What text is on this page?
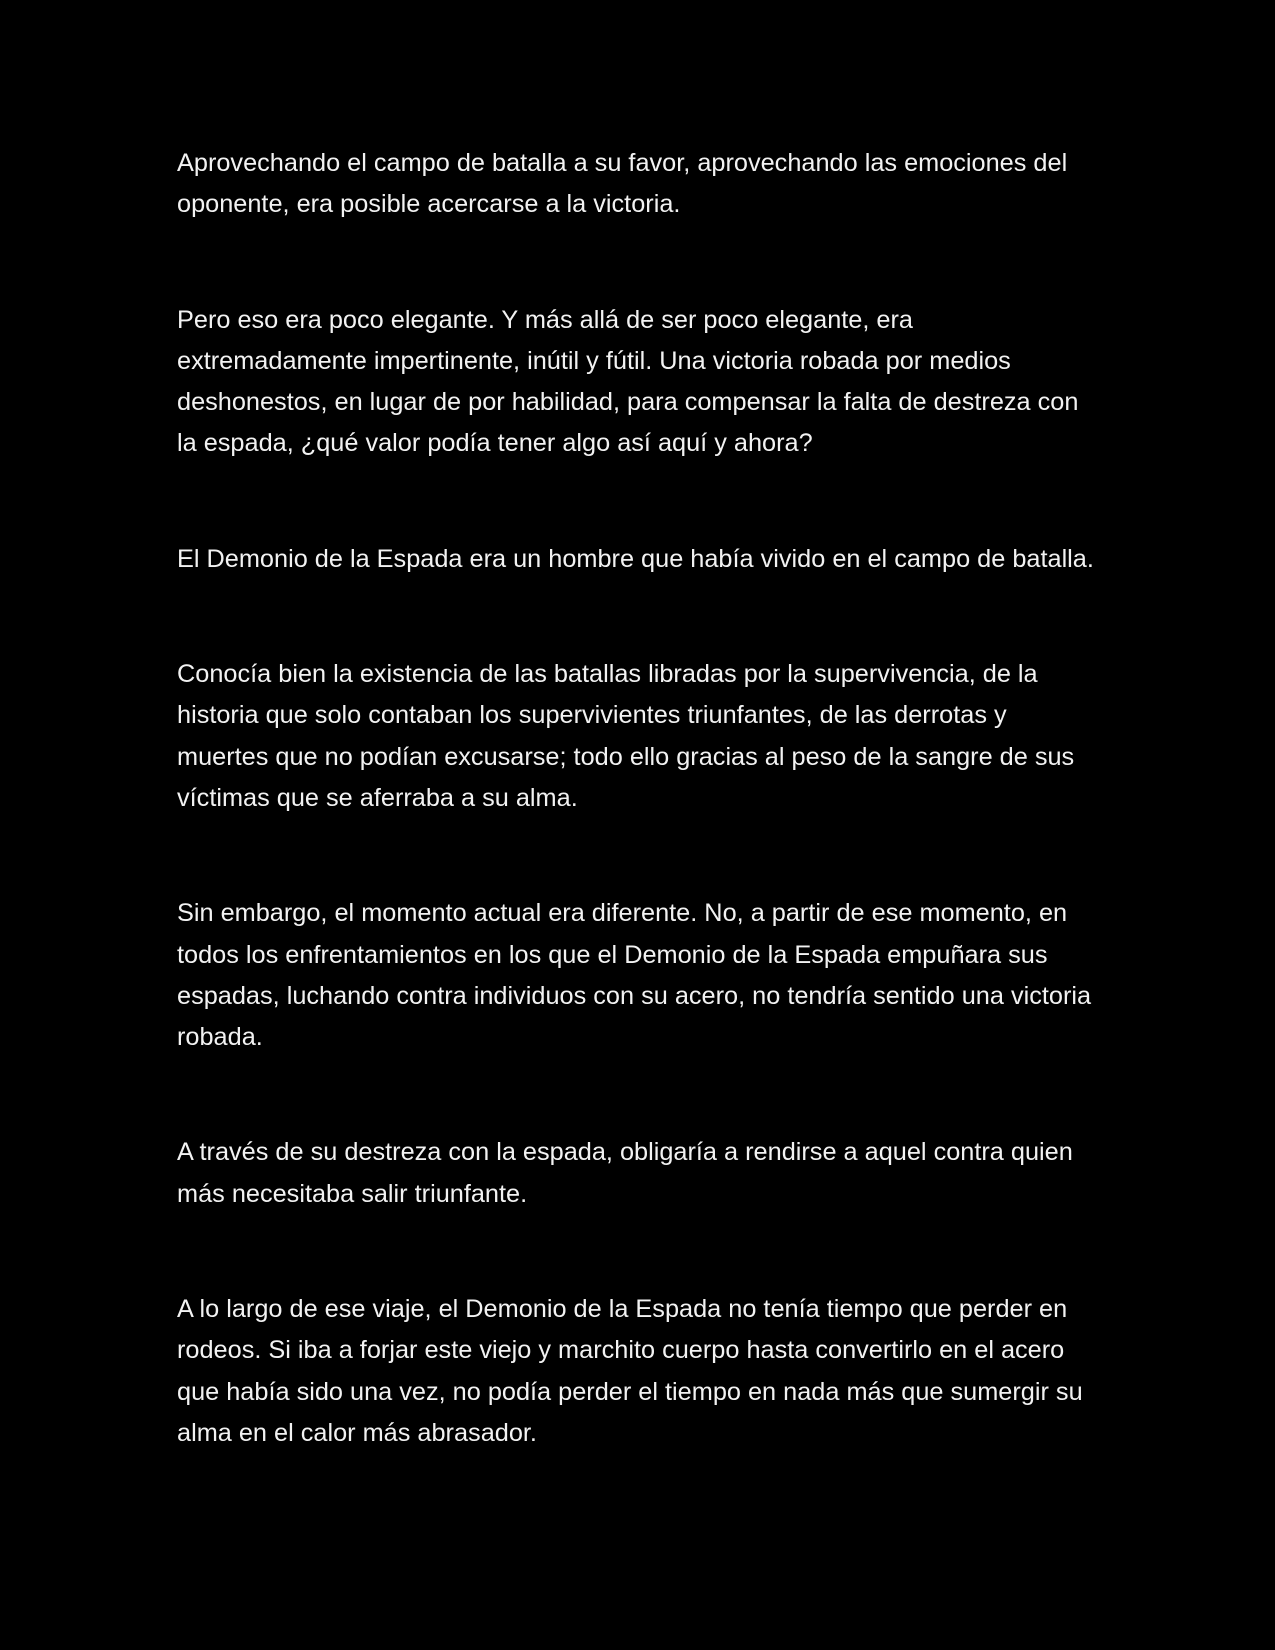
Aprovechando el campo de batalla a su favor, aprovechando las emociones del oponente, era posible acercarse a la victoria.

Pero eso era poco elegante. Y más allá de ser poco elegante, era extremadamente impertinente, inútil y fútil. Una victoria robada por medios deshonestos, en lugar de por habilidad, para compensar la falta de destreza con la espada, ¿qué valor podía tener algo así aquí y ahora?

El Demonio de la Espada era un hombre que había vivido en el campo de batalla.

Conocía bien la existencia de las batallas libradas por la supervivencia, de la historia que solo contaban los supervivientes triunfantes, de las derrotas y muertes que no podían excusarse; todo ello gracias al peso de la sangre de sus víctimas que se aferraba a su alma.

Sin embargo, el momento actual era diferente. No, a partir de ese momento, en todos los enfrentamientos en los que el Demonio de la Espada empuñara sus espadas, luchando contra individuos con su acero, no tendría sentido una victoria robada.

A través de su destreza con la espada, obligaría a rendirse a aquel contra quien más necesitaba salir triunfante.

A lo largo de ese viaje, el Demonio de la Espada no tenía tiempo que perder en rodeos. Si iba a forjar este viejo y marchito cuerpo hasta convertirlo en el acero que había sido una vez, no podía perder el tiempo en nada más que sumergir su alma en el calor más abrasador.
